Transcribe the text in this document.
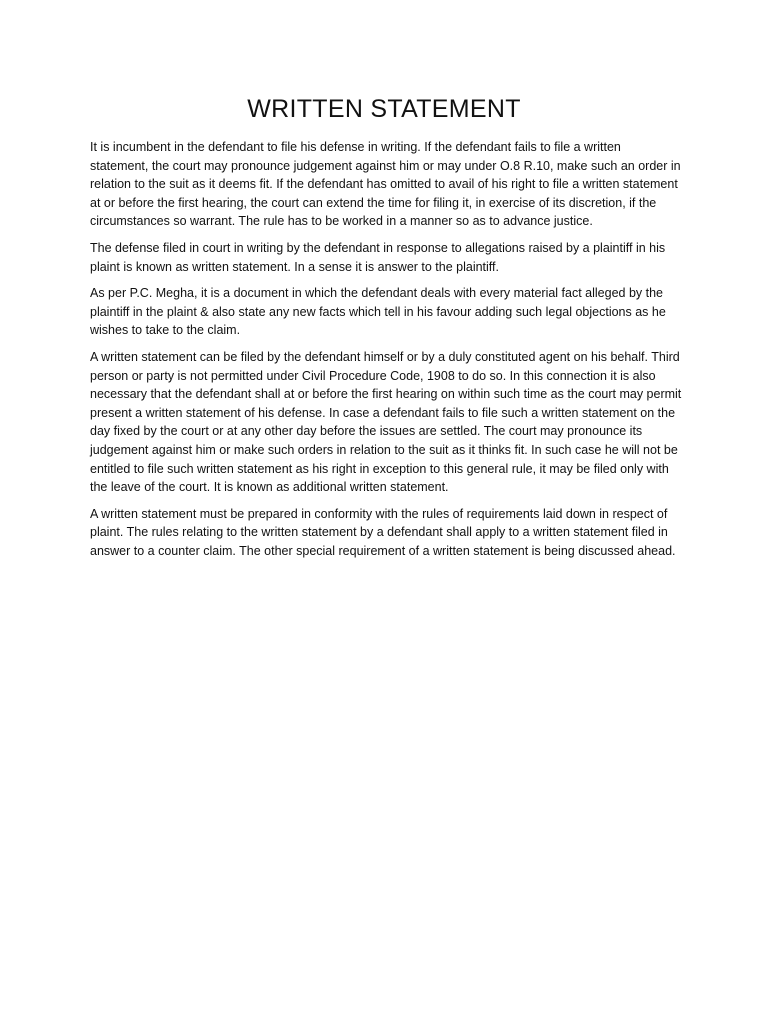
WRITTEN STATEMENT

It is incumbent in the defendant to file his defense in writing. If the defendant fails to file a written statement, the court may pronounce judgement against him or may under O.8 R.10, make such an order in relation to the suit as it deems fit. If the defendant has omitted to avail of his right to file a written statement at or before the first hearing, the court can extend the time for filing it, in exercise of its discretion, if the circumstances so warrant. The rule has to be worked in a manner so as to advance justice.

The defense filed in court in writing by the defendant in response to allegations raised by a plaintiff in his plaint is known as written statement. In a sense it is answer to the plaintiff.

As per P.C. Megha, it is a document in which the defendant deals with every material fact alleged by the plaintiff in the plaint & also state any new facts which tell in his favour adding such legal objections as he wishes to take to the claim.

A written statement can be filed by the defendant himself or by a duly constituted agent on his behalf. Third person or party is not permitted under Civil Procedure Code, 1908 to do so. In this connection it is also necessary that the defendant shall at or before the first hearing on within such time as the court may permit present a written statement of his defense. In case a defendant fails to file such a written statement on the day fixed by the court or at any other day before the issues are settled. The court may pronounce its judgement against him or make such orders in relation to the suit as it thinks fit. In such case he will not be entitled to file such written statement as his right in exception to this general rule, it may be filed only with the leave of the court. It is known as additional written statement.

A written statement must be prepared in conformity with the rules of requirements laid down in respect of plaint. The rules relating to the written statement by a defendant shall apply to a written statement filed in answer to a counter claim. The other special requirement of a written statement is being discussed ahead.
